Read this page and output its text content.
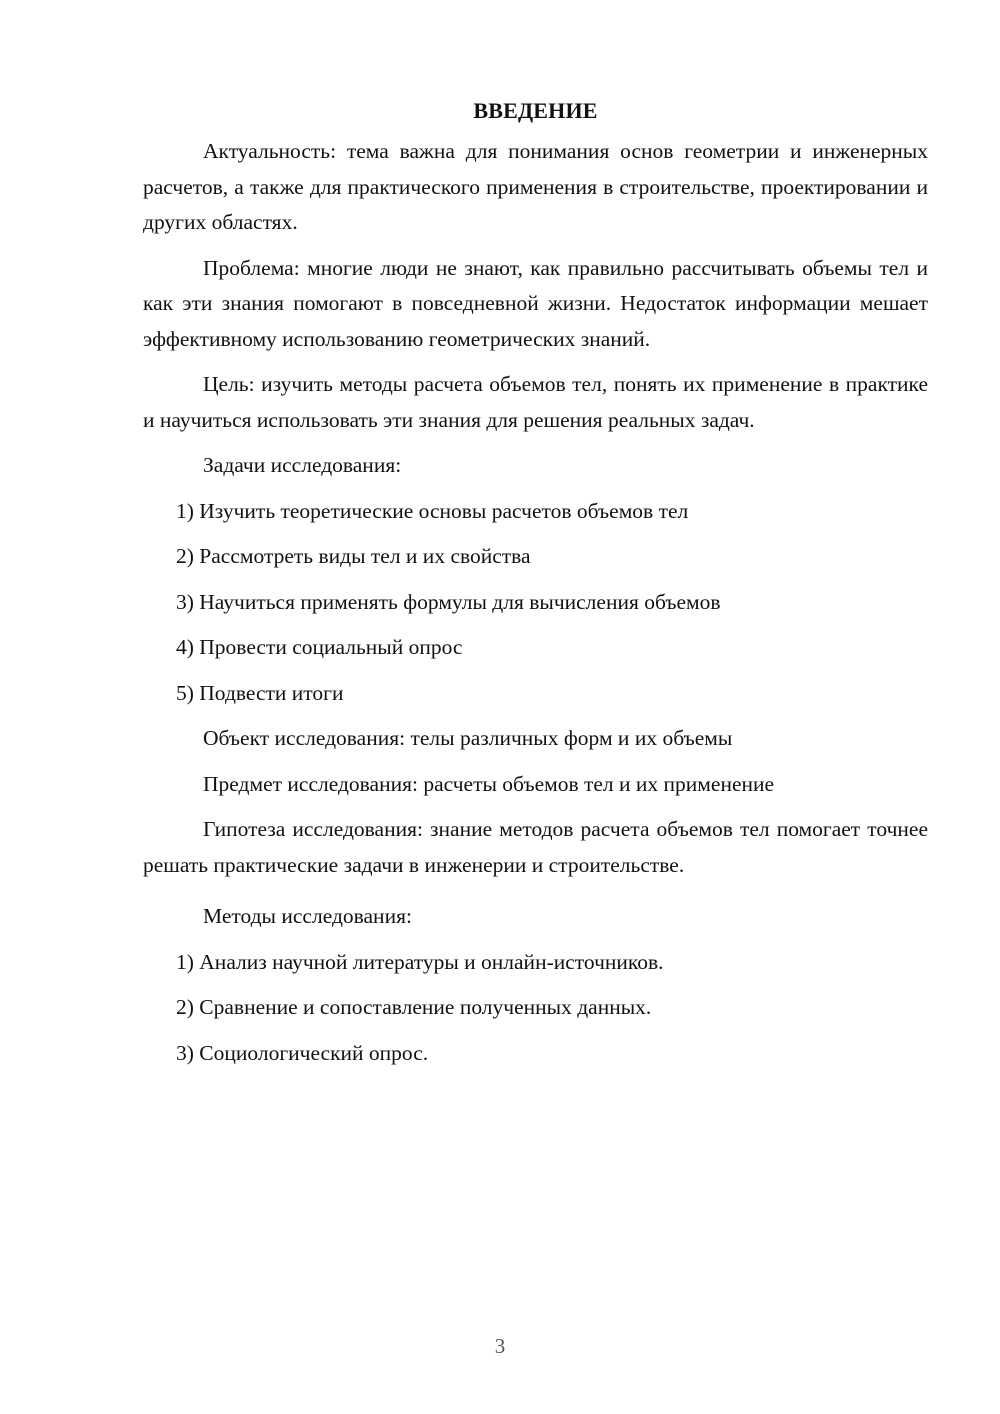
ВВЕДЕНИЕ

Актуальность: тема важна для понимания основ геометрии и инженерных расчетов, а также для практического применения в строительстве, проектировании и других областях.

Проблема: многие люди не знают, как правильно рассчитывать объемы тел и как эти знания помогают в повседневной жизни. Недостаток информации мешает эффективному использованию геометрических знаний.

Цель: изучить методы расчета объемов тел, понять их применение в практике и научиться использовать эти знания для решения реальных задач.

Задачи исследования:

1) Изучить теоретические основы расчетов объемов тел

2) Рассмотреть виды тел и их свойства

3) Научиться применять формулы для вычисления объемов

4) Провести социальный опрос

5) Подвести итоги

Объект исследования: телы различных форм и их объемы

Предмет исследования: расчеты объемов тел и их применение

Гипотеза исследования: знание методов расчета объемов тел помогает точнее решать практические задачи в инженерии и строительстве.

Методы исследования:

1) Анализ научной литературы и онлайн-источников.

2) Сравнение и сопоставление полученных данных.

3) Социологический опрос.

3
